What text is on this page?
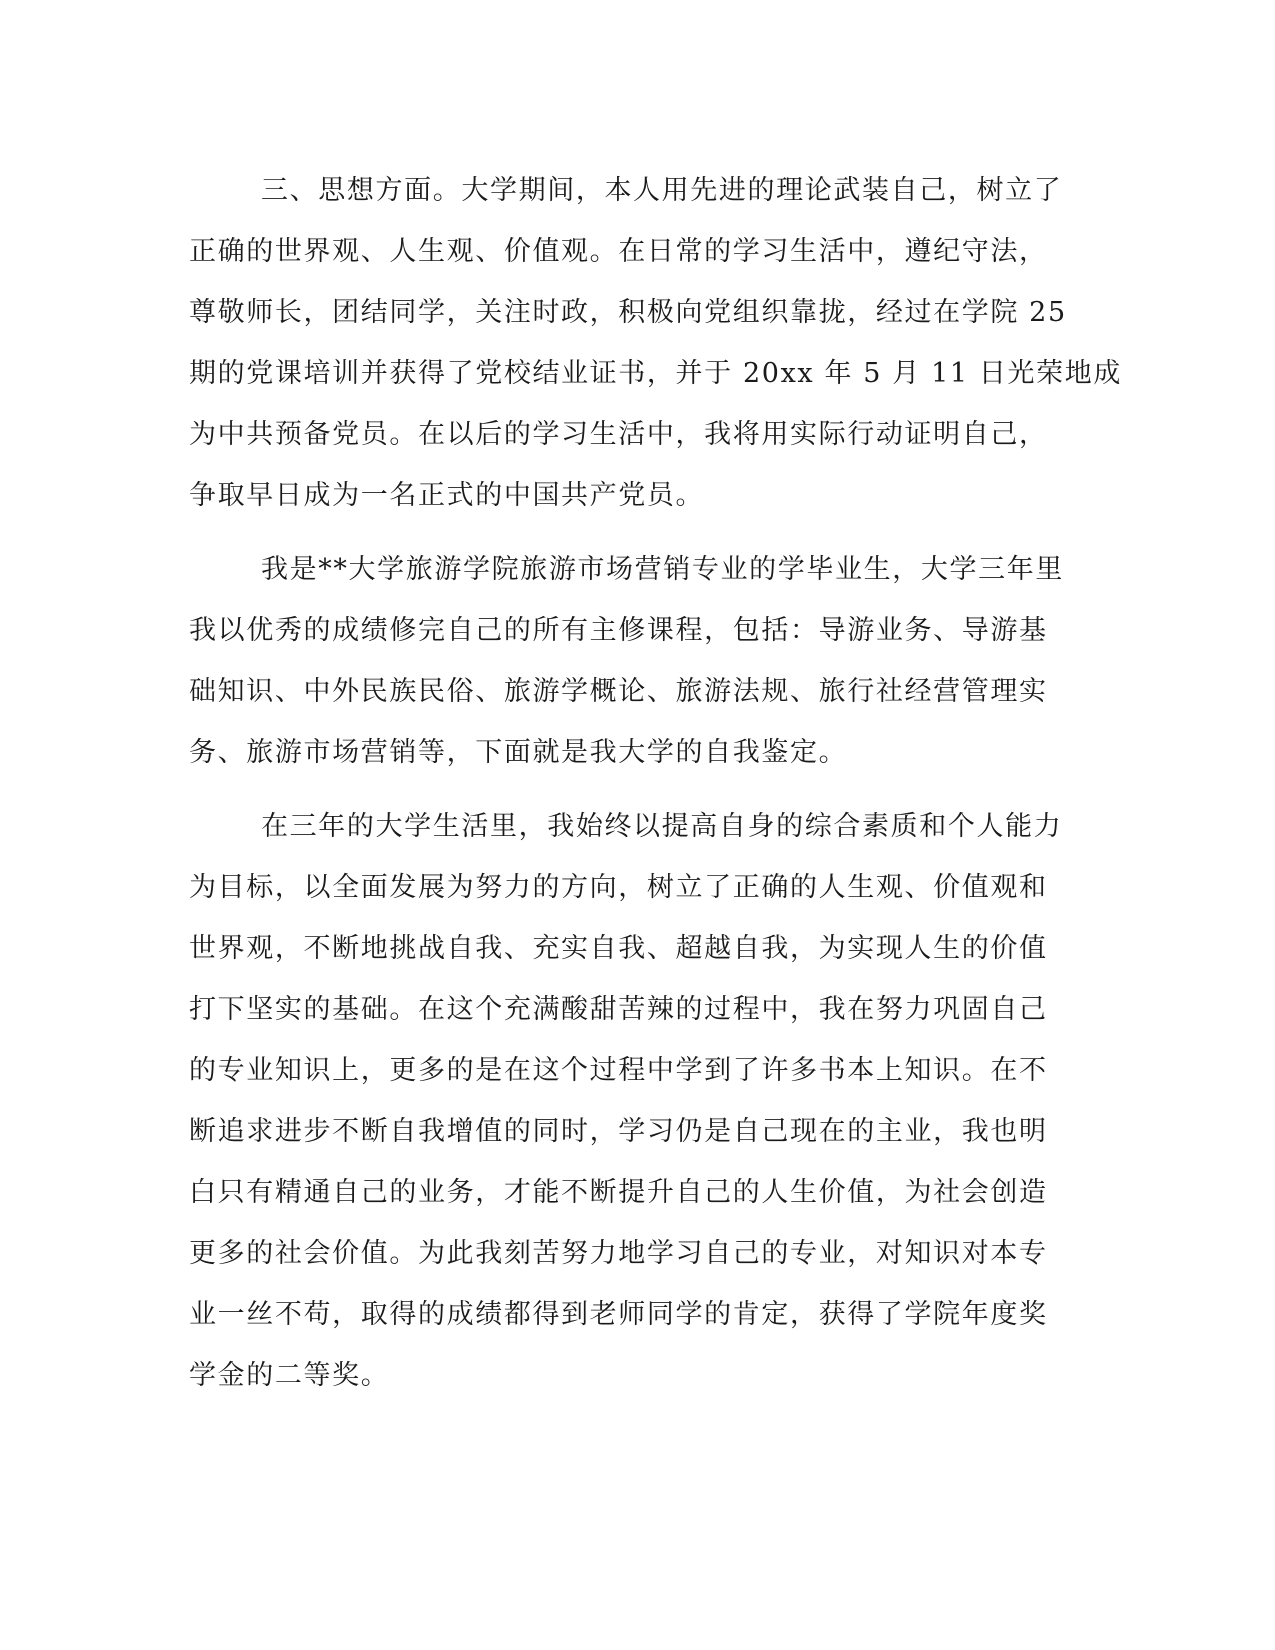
三、思想方面。大学期间，本人用先进的理论武装自己，树立了
正确的世界观、人生观、价值观。在日常的学习生活中，遵纪守法，
尊敬师长，团结同学，关注时政，积极向党组织靠拢，经过在学院 25
期的党课培训并获得了党校结业证书，并于 20xx 年 5 月 11 日光荣地成
为中共预备党员。在以后的学习生活中，我将用实际行动证明自己，
争取早日成为一名正式的中国共产党员。
我是**大学旅游学院旅游市场营销专业的学毕业生，大学三年里
我以优秀的成绩修完自己的所有主修课程，包括：导游业务、导游基
础知识、中外民族民俗、旅游学概论、旅游法规、旅行社经营管理实
务、旅游市场营销等，下面就是我大学的自我鉴定。
在三年的大学生活里，我始终以提高自身的综合素质和个人能力
为目标，以全面发展为努力的方向，树立了正确的人生观、价值观和
世界观，不断地挑战自我、充实自我、超越自我，为实现人生的价值
打下坚实的基础。在这个充满酸甜苦辣的过程中，我在努力巩固自己
的专业知识上，更多的是在这个过程中学到了许多书本上知识。在不
断追求进步不断自我增值的同时，学习仍是自己现在的主业，我也明
白只有精通自己的业务，才能不断提升自己的人生价值，为社会创造
更多的社会价值。为此我刻苦努力地学习自己的专业，对知识对本专
业一丝不苟，取得的成绩都得到老师同学的肯定，获得了学院年度奖
学金的二等奖。
